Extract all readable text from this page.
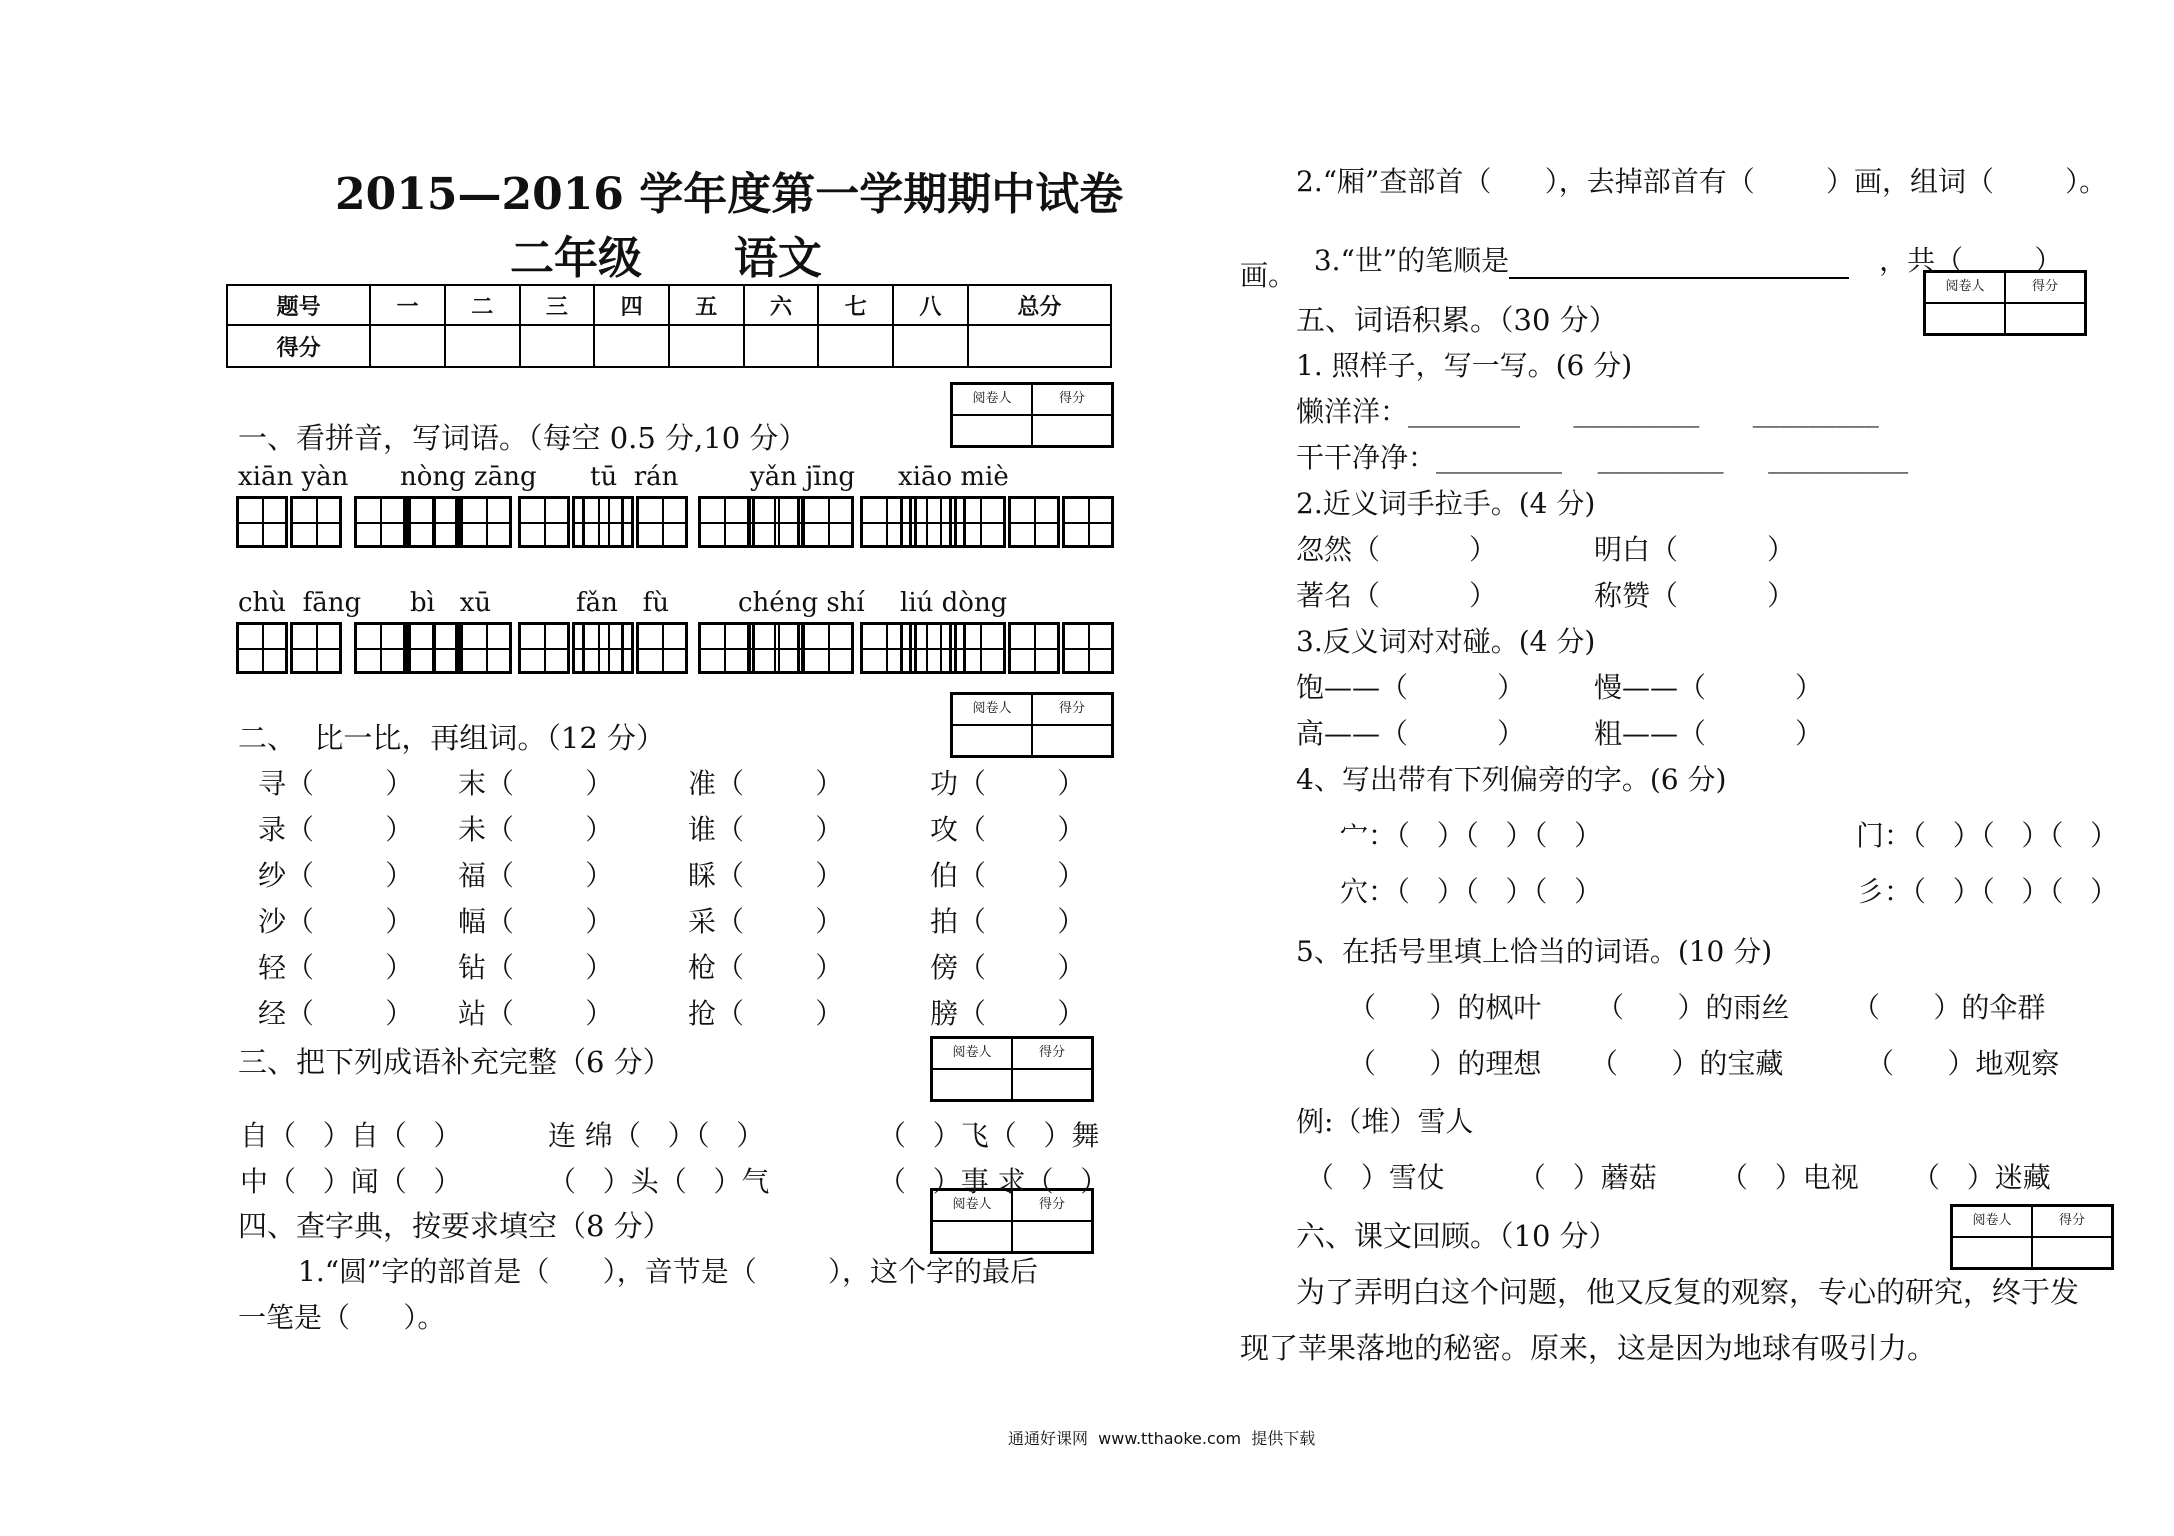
2015—2016 学年度第一学期期中试卷
二年级      语文
题号	一	二	三	四	五	六	七	八	总分
得分									
阅卷人	得分
阅卷人	得分
阅卷人	得分
阅卷人	得分
阅卷人	得分
阅卷人	得分
一、看拼音，写词语。（每空 0.5 分,10 分）
xiān yàn nòng zāng tū  rán	yǎn jīng xiāo miè
chù  fāng bì   xū	fǎn   fù	chéng shí liú dòng
二、  比一比，再组词。（12 分）
寻（        ） 末（        ）	准（        ）	功（        ）
录（        ） 未（        ）	谁（        ）	攻（        ）
纱（        ） 福（        ）	睬（        ）	伯（        ）
沙（        ） 幅（        ）	采（        ）	拍（        ）
轻（        ） 钻（        ）	枪（        ）	傍（        ）
经（        ） 站（        ）	抢（        ）	膀（        ）
三、把下列成语补充完整（6 分）
自（   ）自（   ）	连 绵（   ）（   ）	（   ）飞（   ）舞
中（   ）闻（   ）	（   ）头（   ）气	（   ）事 求（   ）
四、查字典，按要求填空（8 分）
1.“圆”字的部首是（      ），音节是（        ），这个字的最后
一笔是（      ）。
2.“厢”查部首（      ），去掉部首有（        ）画，组词（        ）。

3.“世”的笔顺是	，共（        ）

画。
五、词语积累。（30 分）
1. 照样子，写一写。(6 分)
懒洋洋：________      _________      _________
干干净净：_________    _________     __________
2.近义词手拉手。(4 分)
忽然（          ）	明白（          ）
著名（          ）	称赞（          ）
3.反义词对对碰。(4 分)
饱——（          ） 慢——（          ）
高——（          ） 粗——（          ）
4、写出带有下列偏旁的字。(6 分)
宀：（   ）（   ）（   ）	门：（   ）（   ）（   ）
穴：（   ）（   ）（   ）	彡：（   ）（   ）（   ）
5、在括号里填上恰当的词语。(10 分)
（      ）的枫叶 （      ）的雨丝 （      ）的伞群
（      ）的理想 （      ）的宝藏	（      ）地观察
例:（堆）雪人
（   ）雪仗	（   ）蘑菇 （   ）电视 （   ）迷藏
六、课文回顾。（10 分）
为了弄明白这个问题，他又反复的观察，专心的研究，终于发
现了苹果落地的秘密。原来，这是因为地球有吸引力。
通通好课网  www.tthaoke.com  提供下载
